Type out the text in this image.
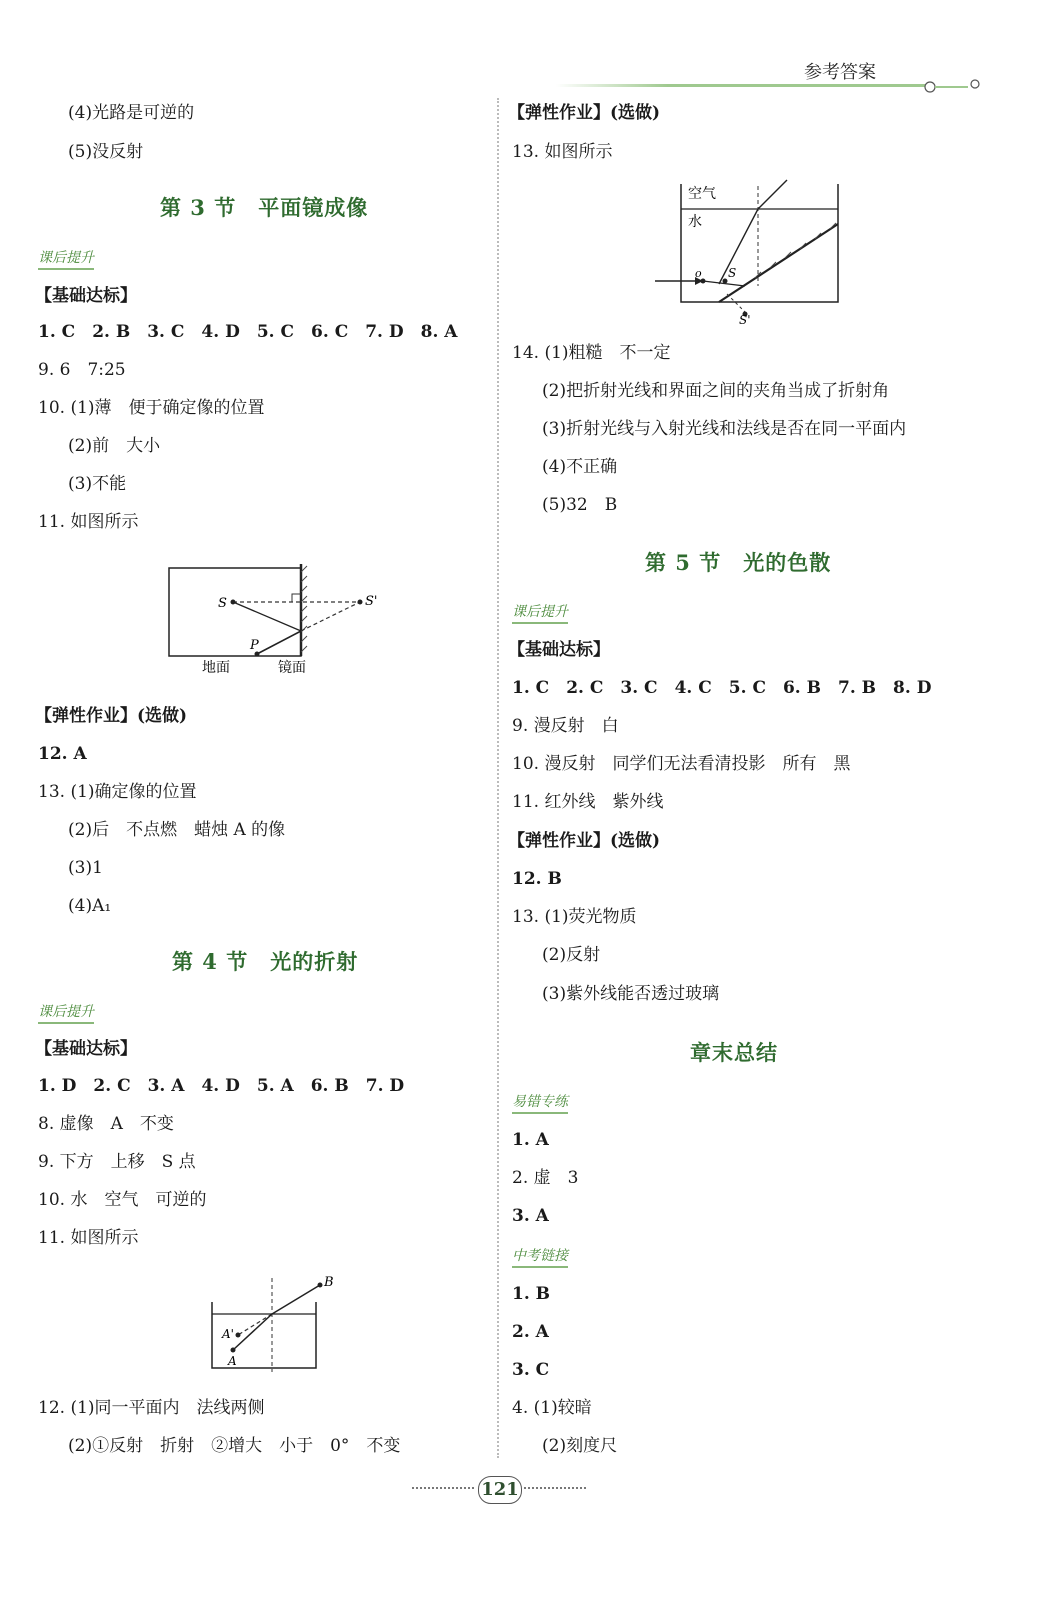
参考答案
(4)光路是可逆的
(5)没反射
第 3 节　平面镜成像
课后提升
【基础达标】
1. C　2. B　3. C　4. D　5. C　6. C　7. D　8. A
9. 6　7:25
10. (1)薄　便于确定像的位置
(2)前　大小
(3)不能
11. 如图所示
S	S'
P
地面	镜面
【弹性作业】(选做)
12. A
13. (1)确定像的位置
(2)后　不点燃　蜡烛 A 的像
(3)1
(4)A₁
第 4 节　光的折射
课后提升
【基础达标】
1. D　2. C　3. A　4. D　5. A　6. B　7. D
8. 虚像　A　不变
9. 下方　上移　S 点
10. 水　空气　可逆的
11. 如图所示
B
A'
A
12. (1)同一平面内　法线两侧
(2)①反射　折射　②增大　小于　0°　不变
【弹性作业】(选做)
13. 如图所示
空气
水
o S
S'
14. (1)粗糙　不一定
(2)把折射光线和界面之间的夹角当成了折射角
(3)折射光线与入射光线和法线是否在同一平面内
(4)不正确
(5)32　B
第 5 节　光的色散
课后提升
【基础达标】
1. C　2. C　3. C　4. C　5. C　6. B　7. B　8. D
9. 漫反射　白
10. 漫反射　同学们无法看清投影　所有　黑
11. 红外线　紫外线
【弹性作业】(选做)
12. B
13. (1)荧光物质
(2)反射
(3)紫外线能否透过玻璃
章末总结
易错专练
1. A
2. 虚　3
3. A
中考链接
1. B
2. A
3. C
4. (1)较暗
(2)刻度尺
121
